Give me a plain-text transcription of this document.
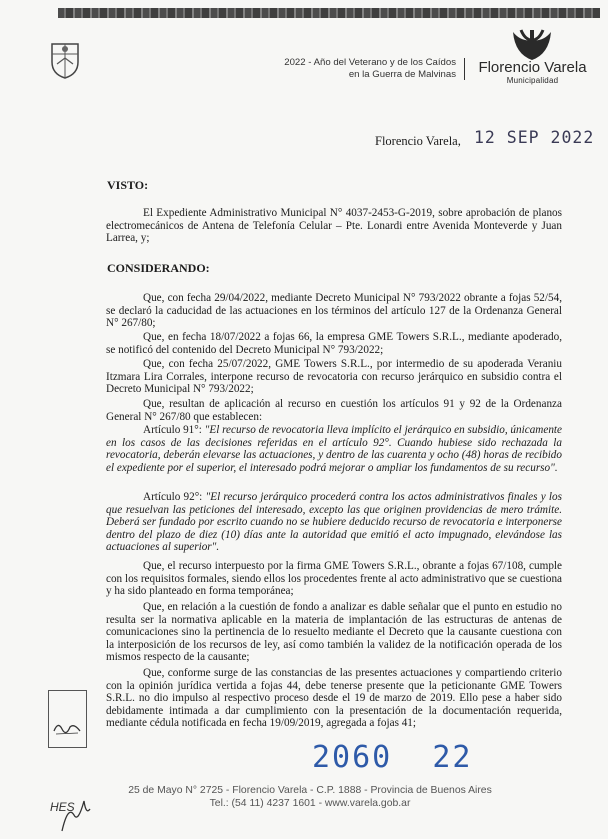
2022 - Año del Veterano y de los Caídos
en la Guerra de Malvinas Florencio Varela
Municipalidad
Florencio Varela, 12 SEP 2022
VISTO:
El Expediente Administrativo Municipal N° 4037-2453-G-2019, sobre aprobación de planos electromecánicos de Antena de Telefonía Celular – Pte. Lonardi entre Avenida Monteverde y Juan Larrea, y;
CONSIDERANDO:
Que, con fecha 29/04/2022, mediante Decreto Municipal N° 793/2022 obrante a fojas 52/54, se declaró la caducidad de las actuaciones en los términos del artículo 127 de la Ordenanza General N° 267/80;
Que, en fecha 18/07/2022 a fojas 66, la empresa GME Towers S.R.L., mediante apoderado, se notificó del contenido del Decreto Municipal N° 793/2022;
Que, con fecha 25/07/2022, GME Towers S.R.L., por intermedio de su apoderada Veraniu Itzmara Lira Corrales, interpone recurso de revocatoria con recurso jerárquico en subsidio contra el Decreto Municipal N° 793/2022;
Que, resultan de aplicación al recurso en cuestión los artículos 91 y 92 de la Ordenanza General N° 267/80 que establecen:
Artículo 91°: "El recurso de revocatoria lleva implícito el jerárquico en subsidio, únicamente en los casos de las decisiones referidas en el artículo 92°. Cuando hubiese sido rechazada la revocatoria, deberán elevarse las actuaciones, y dentro de las cuarenta y ocho (48) horas de recibido el expediente por el superior, el interesado podrá mejorar o ampliar los fundamentos de su recurso".
Artículo 92°: "El recurso jerárquico procederá contra los actos administrativos finales y los que resuelvan las peticiones del interesado, excepto las que originen providencias de mero trámite. Deberá ser fundado por escrito cuando no se hubiere deducido recurso de revocatoria e interponerse dentro del plazo de diez (10) días ante la autoridad que emitió el acto impugnado, elevándose las actuaciones al superior".
Que, el recurso interpuesto por la firma GME Towers S.R.L., obrante a fojas 67/108, cumple con los requisitos formales, siendo ellos los procedentes frente al acto administrativo que se cuestiona y ha sido planteado en forma temporánea;
Que, en relación a la cuestión de fondo a analizar es dable señalar que el punto en estudio no resulta ser la normativa aplicable en la materia de implantación de las estructuras de antenas de comunicaciones sino la pertinencia de lo resuelto mediante el Decreto que la causante cuestiona con la interposición de los recursos de ley, así como también la validez de la notificación operada de los mismos respecto de la causante;
Que, conforme surge de las constancias de las presentes actuaciones y compartiendo criterio con la opinión jurídica vertida a fojas 44, debe tenerse presente que la peticionante GME Towers S.R.L. no dio impulso al respectivo proceso desde el 19 de marzo de 2019. Ello pese a haber sido debidamente intimada a dar cumplimiento con la presentación de la documentación requerida, mediante cédula notificada en fecha 19/09/2019, agregada a fojas 41;
HES
2060 22
25 de Mayo N° 2725 - Florencio Varela - C.P. 1888 - Provincia de Buenos Aires
Tel.: (54 11) 4237 1601 - www.varela.gob.ar
